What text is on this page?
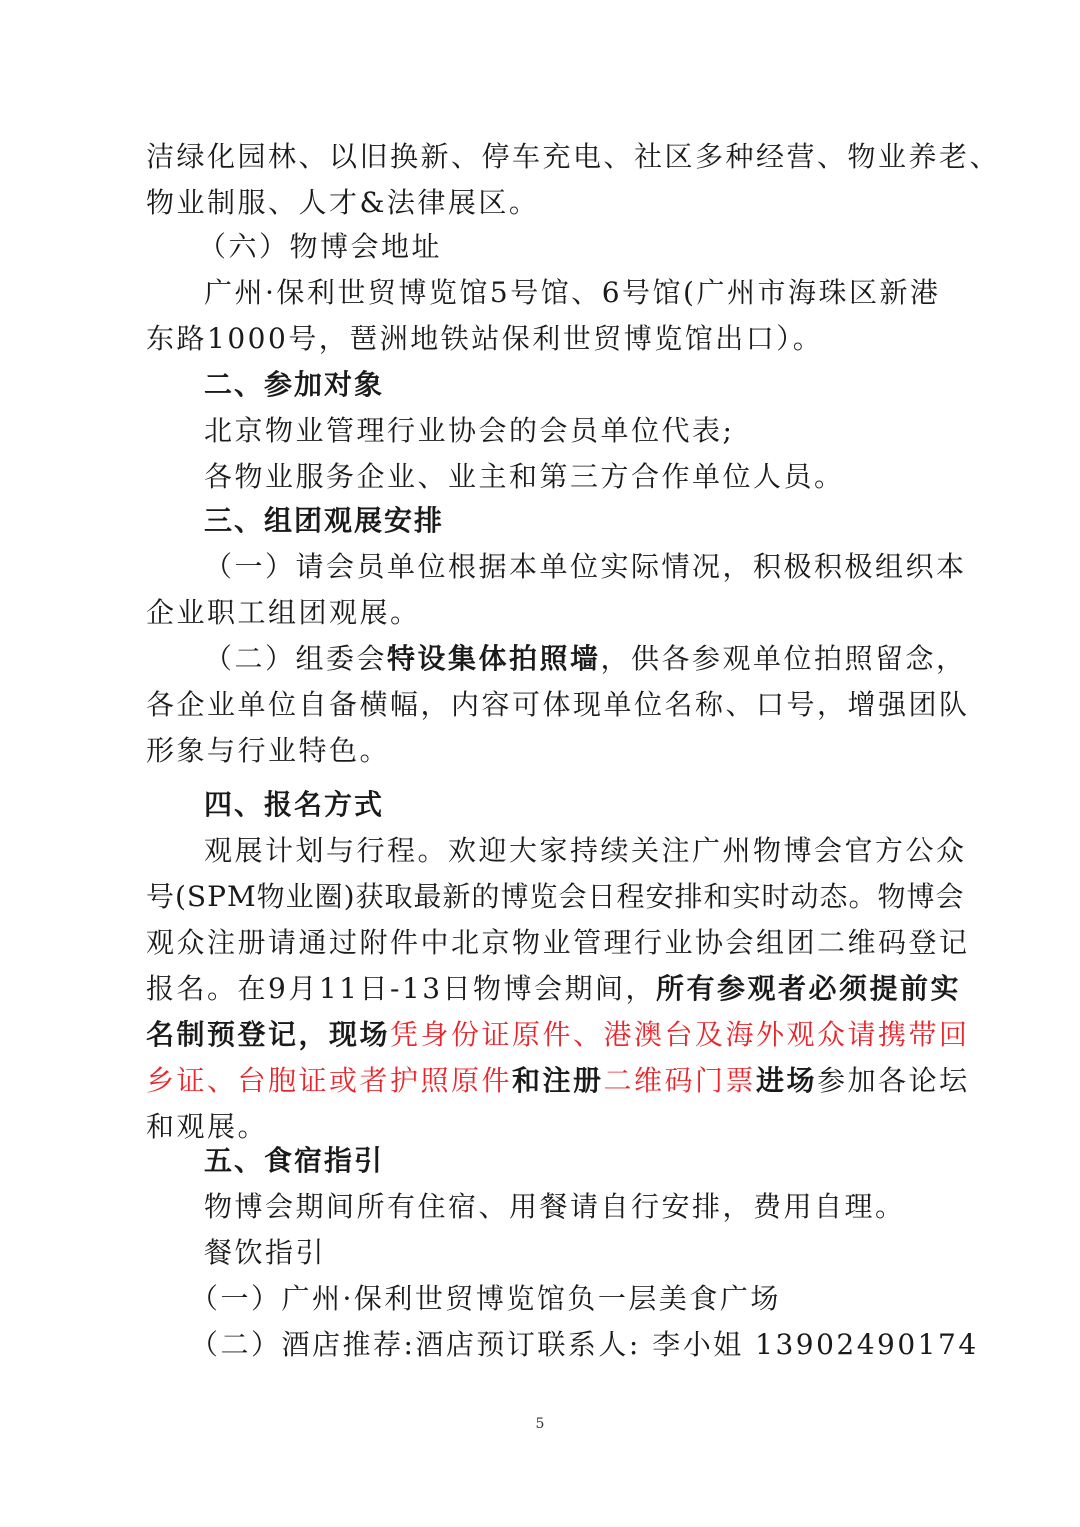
洁绿化园林、以旧换新、停车充电、社区多种经营、物业养老、
物业制服、人才&法律展区。
（六）物博会地址
广州·保利世贸博览馆5号馆、6号馆(广州市海珠区新港
东路1000号，琶洲地铁站保利世贸博览馆出口）。
二、参加对象
北京物业管理行业协会的会员单位代表;
各物业服务企业、业主和第三方合作单位人员。
三、组团观展安排
（一）请会员单位根据本单位实际情况，积极积极组织本
企业职工组团观展。
（二）组委会特设集体拍照墙，供各参观单位拍照留念，
各企业单位自备横幅，内容可体现单位名称、口号，增强团队
形象与行业特色。
四、报名方式
观展计划与行程。欢迎大家持续关注广州物博会官方公众
号(SPM物业圈)获取最新的博览会日程安排和实时动态。物博会
观众注册请通过附件中北京物业管理行业协会组团二维码登记
报名。在9月11日-13日物博会期间，所有参观者必须提前实
名制预登记，现场凭身份证原件、港澳台及海外观众请携带回
乡证、台胞证或者护照原件和注册二维码门票进场参加各论坛
和观展。
五、食宿指引
物博会期间所有住宿、用餐请自行安排，费用自理。
餐饮指引
（一）广州·保利世贸博览馆负一层美食广场
（二）酒店推荐:酒店预订联系人: 李小姐 13902490174
5
